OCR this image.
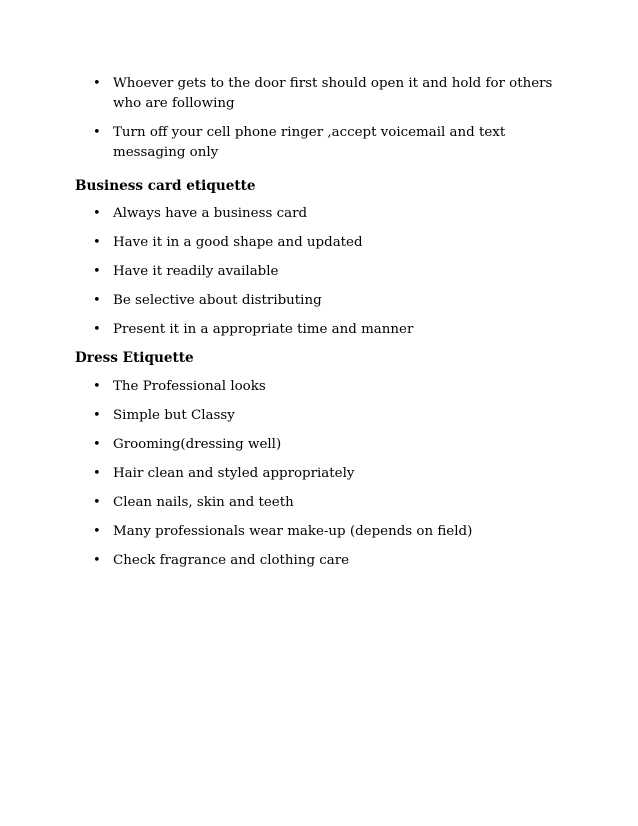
• Whoever gets to the door first should open it and hold for others who are following
• Turn off your cell phone ringer ,accept voicemail and text messaging only
Business card etiquette
• Always have a business card
• Have it in a good shape and updated
• Have it readily available
• Be selective about distributing
• Present it in a appropriate time and manner
Dress Etiquette
• The Professional looks
• Simple but Classy
• Grooming(dressing well)
• Hair clean and styled appropriately
• Clean nails, skin and teeth
• Many professionals wear make-up (depends on field)
• Check fragrance and clothing care
